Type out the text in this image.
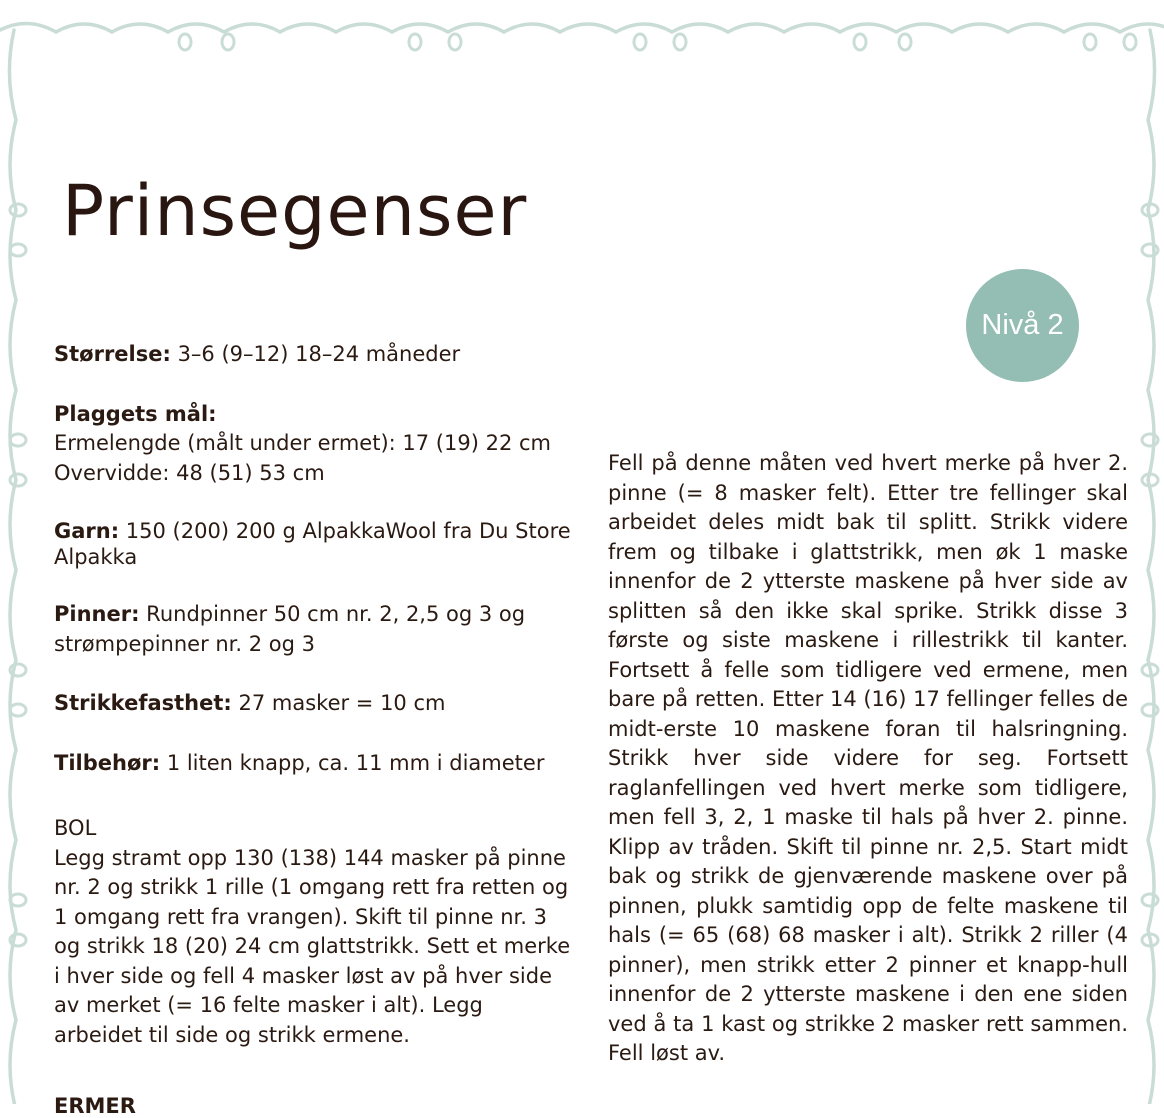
Prinsegenser
Nivå 2

Størrelse: 3–6 (9–12) 18–24 måneder

Plaggets mål:

Ermelengde (målt under ermet): 17 (19) 22 cm

Overvidde: 48 (51) 53 cm

Garn: 150 (200) 200 g AlpakkaWool fra Du Store Alpakka

Pinner: Rundpinner 50 cm nr. 2, 2,5 og 3 og strømpepinner nr. 2 og 3

Strikkefasthet: 27 masker = 10 cm

Tilbehør: 1 liten knapp, ca. 11 mm i diameter

BOL

Legg stramt opp 130 (138) 144 masker på pinne nr. 2 og strikk 1 rille (1 omgang rett fra retten og 1 omgang rett fra vrangen). Skift til pinne nr. 3 og strikk 18 (20) 24 cm glattstrikk. Sett et merke i hver side og fell 4 masker løst av på hver side av merket (= 16 felte masker i alt). Legg arbeidet til side og strikk ermene.

ERMER

Fell på denne måten ved hvert merke på hver 2. pinne (= 8 masker felt). Etter tre fellinger skal arbeidet deles midt bak til splitt. Strikk videre frem og tilbake i glattstrikk, men øk 1 maske innenfor de 2 ytterste maskene på hver side av splitten så den ikke skal sprike. Strikk disse 3 første og siste maskene i rillestrikk til kanter. Fortsett å felle som tidligere ved ermene, men bare på retten. Etter 14 (16) 17 fellinger felles de midt-erste 10 maskene foran til halsringning. Strikk hver side videre for seg. Fortsett raglanfellingen ved hvert merke som tidligere, men fell 3, 2, 1 maske til hals på hver 2. pinne. Klipp av tråden. Skift til pinne nr. 2,5. Start midt bak og strikk de gjenværende maskene over på pinnen, plukk samtidig opp de felte maskene til hals (= 65 (68) 68 masker i alt). Strikk 2 riller (4 pinner), men strikk etter 2 pinner et knapp-hull innenfor de 2 ytterste maskene i den ene siden ved å ta 1 kast og strikke 2 masker rett sammen. Fell løst av.
